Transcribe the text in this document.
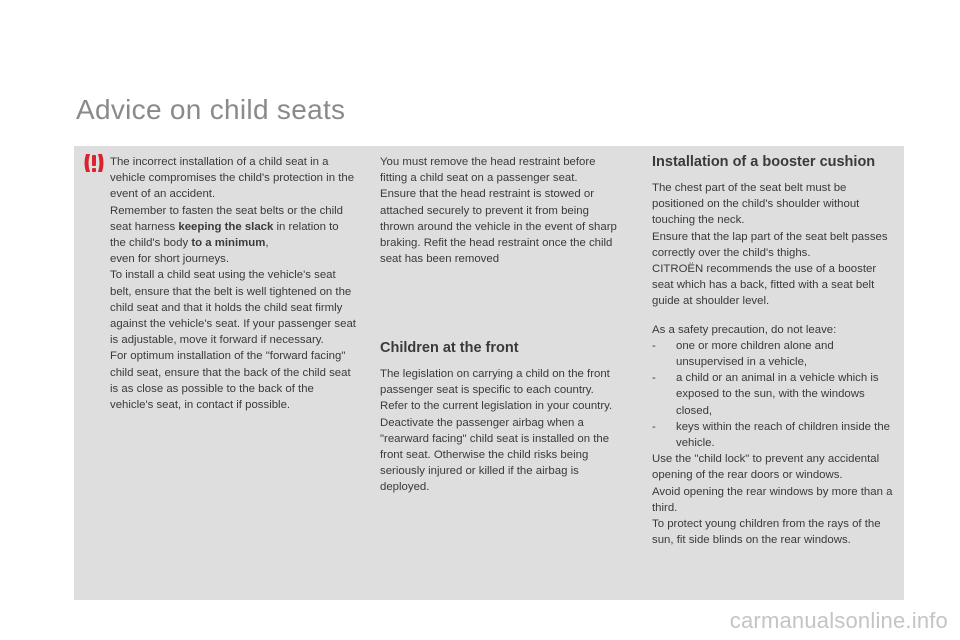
Advice on child seats

The incorrect installation of a child seat in a vehicle compromises the child's protection in the event of an accident.
Remember to fasten the seat belts or the child seat harness keeping the slack in relation to the child's body to a minimum,
even for short journeys.
To install a child seat using the vehicle's seat belt, ensure that the belt is well tightened on the child seat and that it holds the child seat firmly against the vehicle's seat. If your passenger seat is adjustable, move it forward if necessary.
For optimum installation of the "forward facing" child seat, ensure that the back of the child seat is as close as possible to the back of the vehicle's seat, in contact if possible.

You must remove the head restraint before fitting a child seat on a passenger seat.
Ensure that the head restraint is stowed or attached securely to prevent it from being thrown around the vehicle in the event of sharp braking. Refit the head restraint once the child seat has been removed

Children at the front

The legislation on carrying a child on the front passenger seat is specific to each country.
Refer to the current legislation in your country.
Deactivate the passenger airbag when a "rearward facing" child seat is installed on the front seat. Otherwise the child risks being seriously injured or killed if the airbag is deployed.

Installation of a booster cushion

The chest part of the seat belt must be positioned on the child's shoulder without touching the neck.
Ensure that the lap part of the seat belt passes correctly over the child's thighs.
CITROËN recommends the use of a booster seat which has a back, fitted with a seat belt guide at shoulder level.

As a safety precaution, do not leave:

- one or more children alone and unsupervised in a vehicle,
- a child or an animal in a vehicle which is exposed to the sun, with the windows closed,
- keys within the reach of children inside the vehicle.

Use the "child lock" to prevent any accidental opening of the rear doors or windows.
Avoid opening the rear windows by more than a third.
To protect young children from the rays of the sun, fit side blinds on the rear windows.

carmanualsonline.info
